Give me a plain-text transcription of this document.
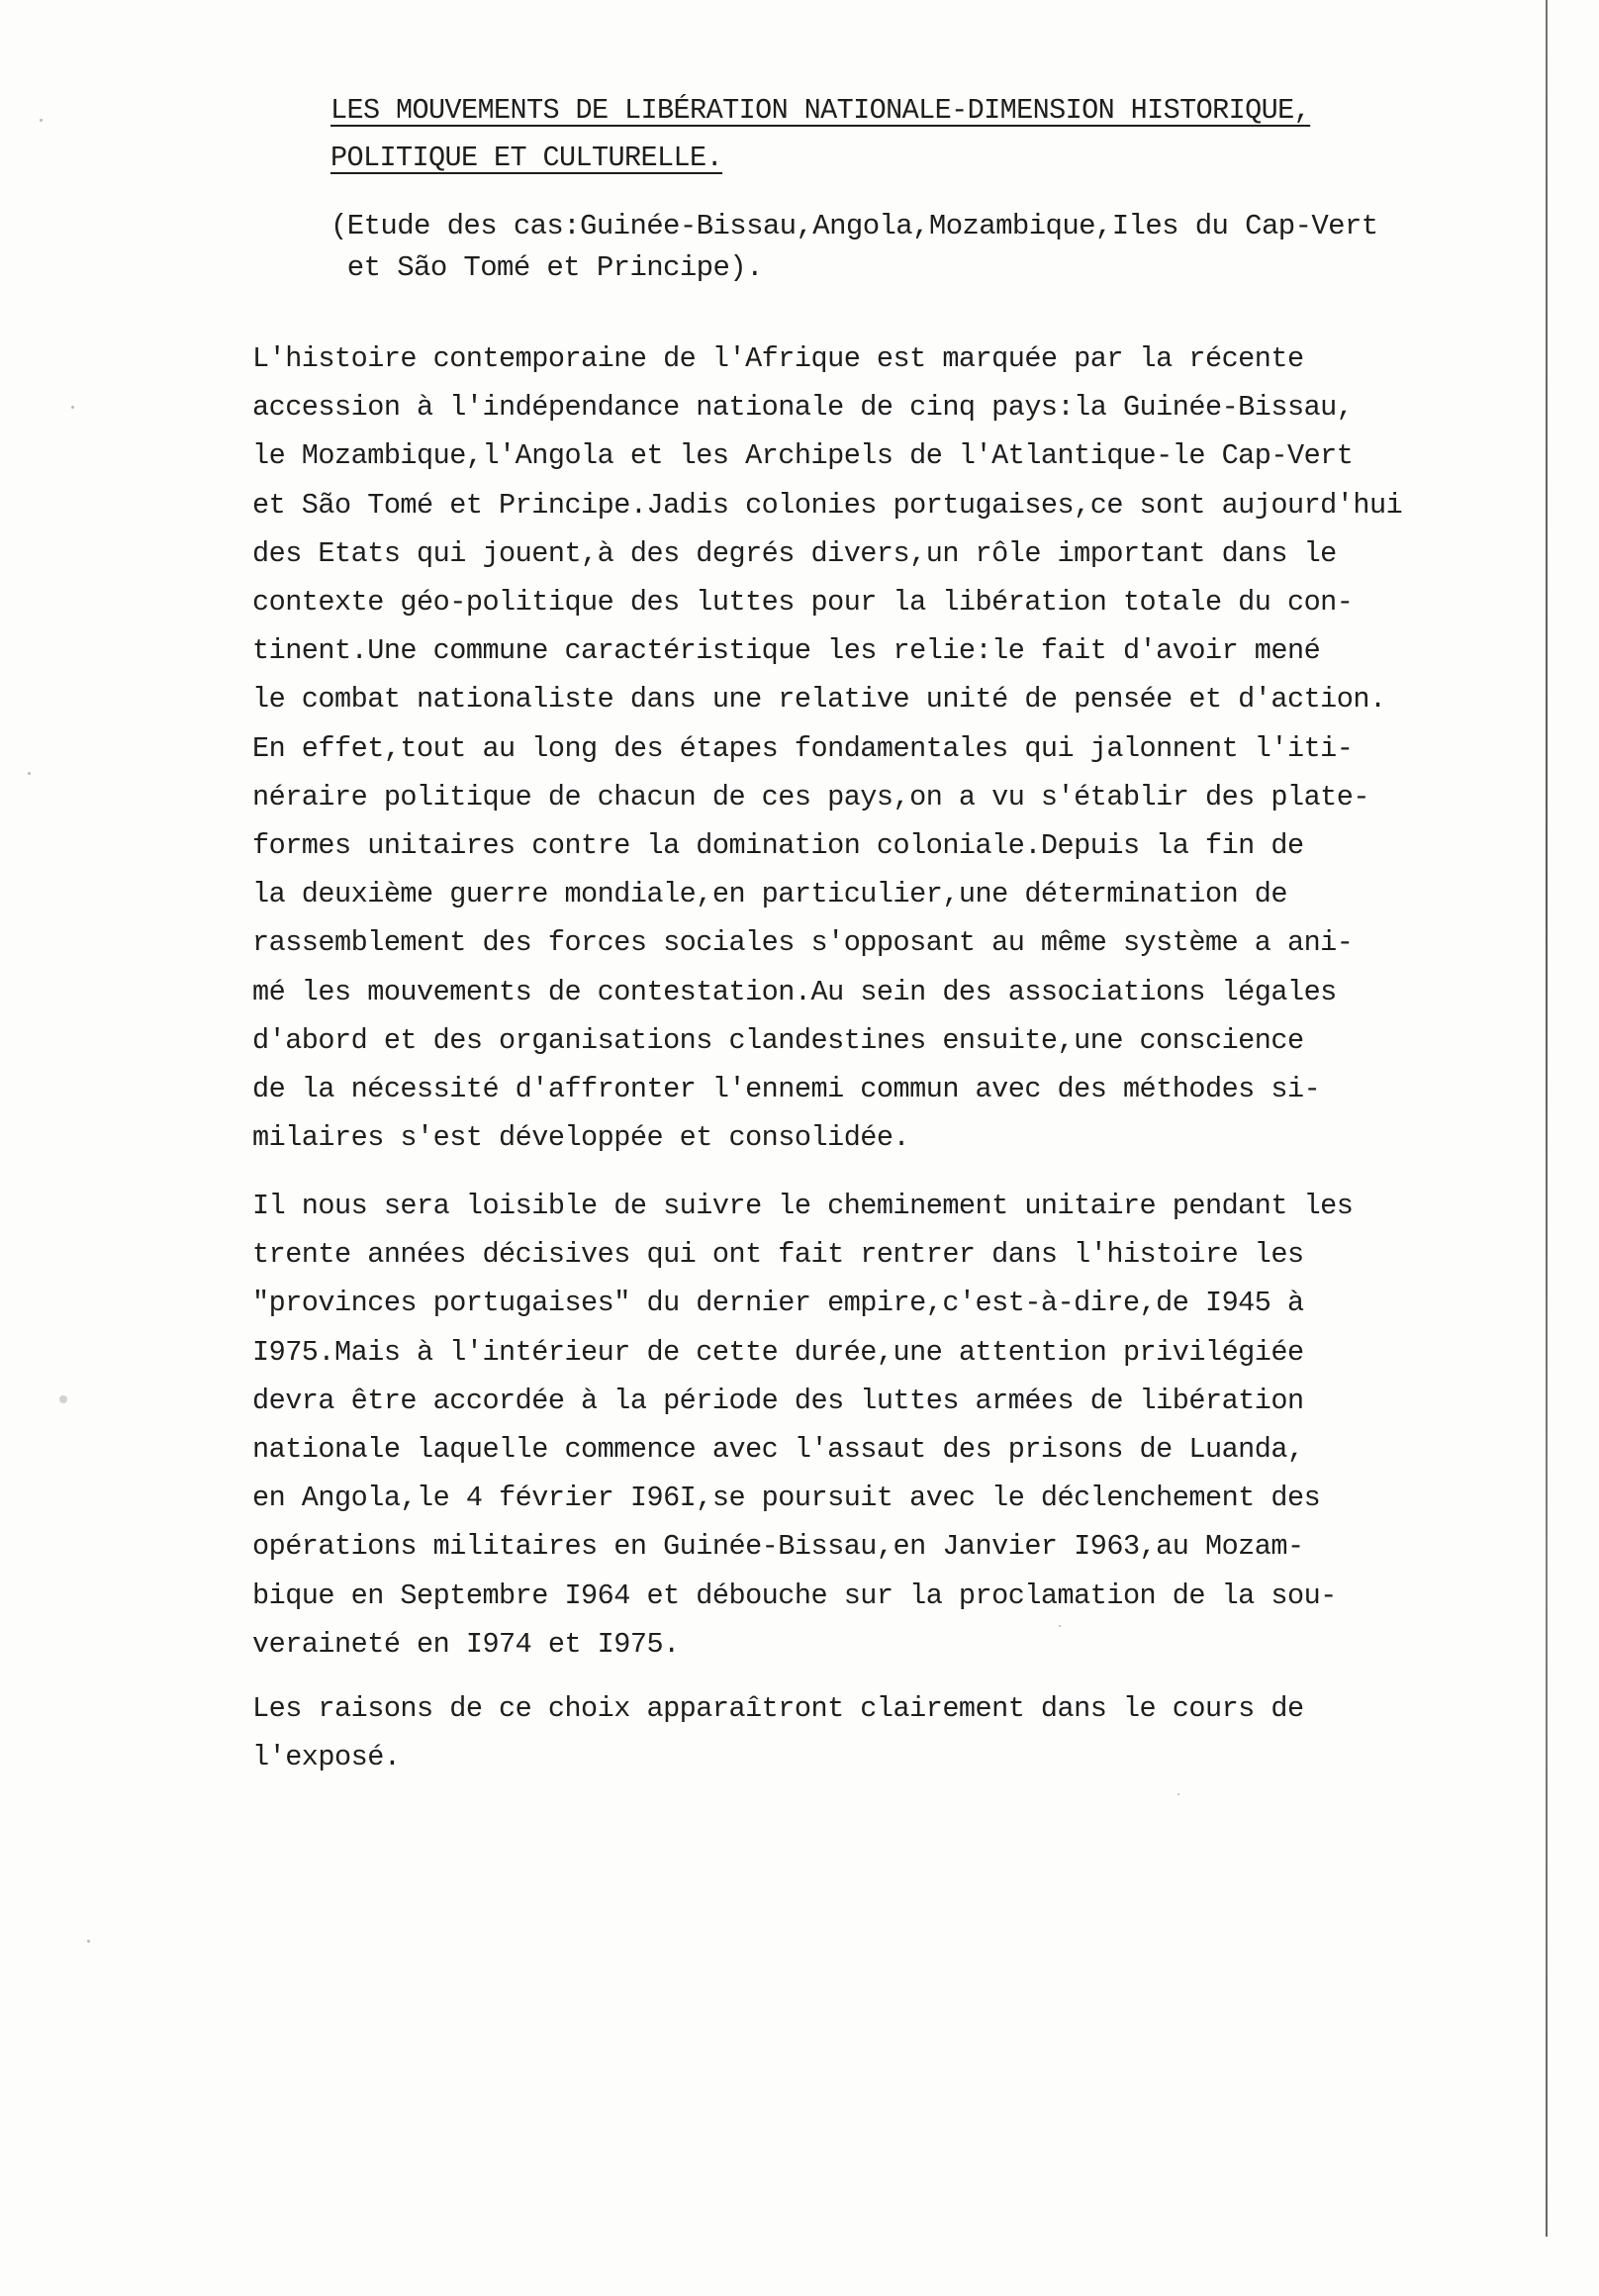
LES MOUVEMENTS DE LIBÉRATION NATIONALE-DIMENSION HISTORIQUE,
POLITIQUE ET CULTURELLE.
(Etude des cas:Guinée-Bissau,Angola,Mozambique,Iles du Cap-Vert
et São Tomé et Principe).
L'histoire contemporaine de l'Afrique est marquée par la récente
accession à l'indépendance nationale de cinq pays:la Guinée-Bissau,
le Mozambique,l'Angola et les Archipels de l'Atlantique-le Cap-Vert
et São Tomé et Principe.Jadis colonies portugaises,ce sont aujourd'hui
des Etats qui jouent,à des degrés divers,un rôle important dans le
contexte géo-politique des luttes pour la libération totale du con-
tinent.Une commune caractéristique les relie:le fait d'avoir mené
le combat nationaliste dans une relative unité de pensée et d'action.
En effet,tout au long des étapes fondamentales qui jalonnent l'iti-
néraire politique de chacun de ces pays,on a vu s'établir des plate-
formes unitaires contre la domination coloniale.Depuis la fin de
la deuxième guerre mondiale,en particulier,une détermination de
rassemblement des forces sociales s'opposant au même système a ani-
mé les mouvements de contestation.Au sein des associations légales
d'abord et des organisations clandestines ensuite,une conscience
de la nécessité d'affronter l'ennemi commun avec des méthodes si-
milaires s'est développée et consolidée.
Il nous sera loisible de suivre le cheminement unitaire pendant les
trente années décisives qui ont fait rentrer dans l'histoire les
"provinces portugaises" du dernier empire,c'est-à-dire,de I945 à
I975.Mais à l'intérieur de cette durée,une attention privilégiée
devra être accordée à la période des luttes armées de libération
nationale laquelle commence avec l'assaut des prisons de Luanda,
en Angola,le 4 février I96I,se poursuit avec le déclenchement des
opérations militaires en Guinée-Bissau,en Janvier I963,au Mozam-
bique en Septembre I964 et débouche sur la proclamation de la sou-
veraineté en I974 et I975.
Les raisons de ce choix apparaîtront clairement dans le cours de
l'exposé.
